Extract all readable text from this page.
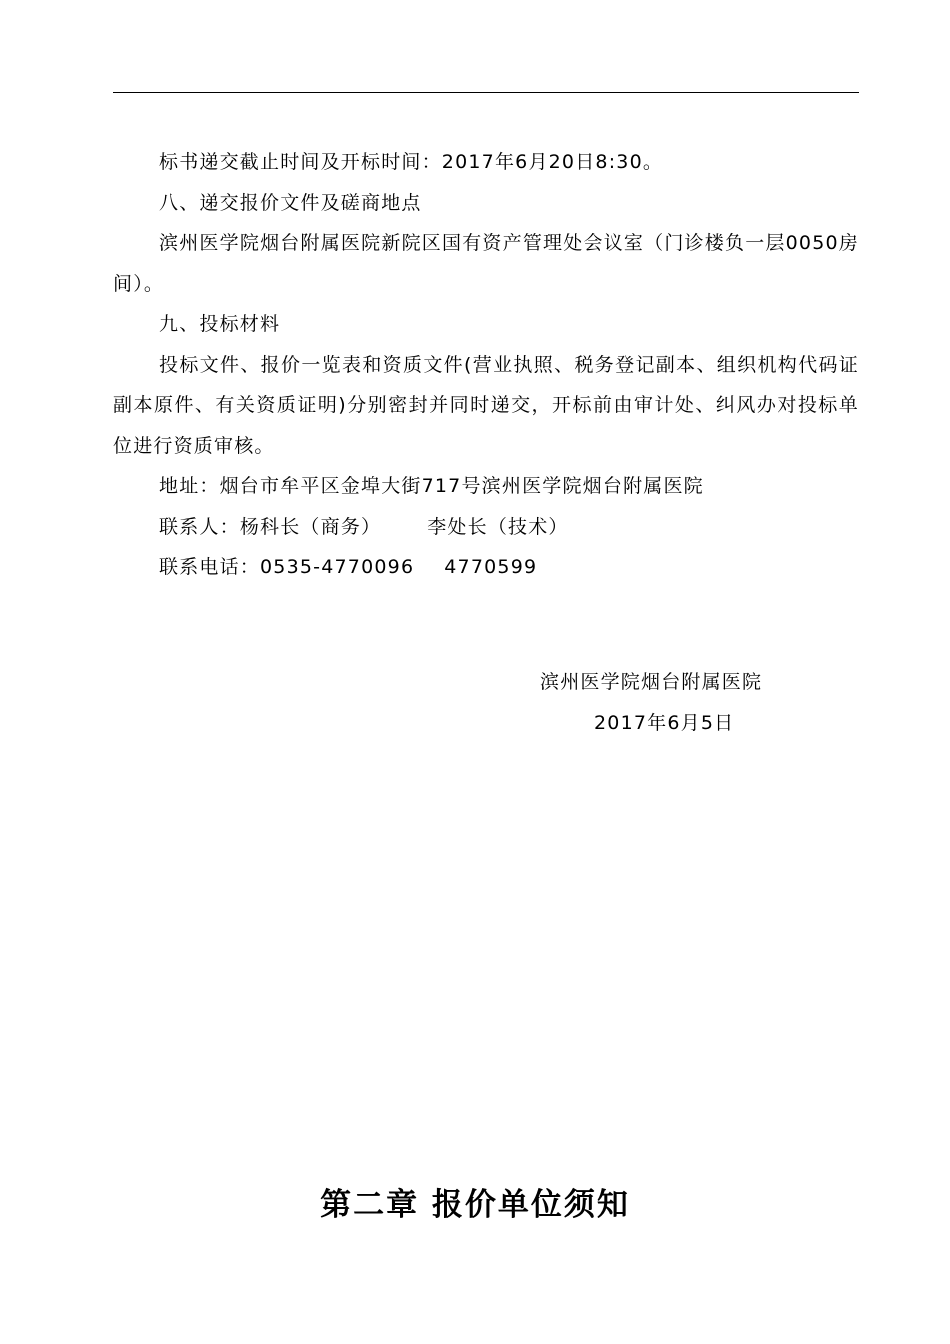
标书递交截止时间及开标时间：2017年6月20日8:30。

八、递交报价文件及磋商地点

滨州医学院烟台附属医院新院区国有资产管理处会议室（门诊楼负一层0050房间）。

九、投标材料

投标文件、报价一览表和资质文件(营业执照、税务登记副本、组织机构代码证副本原件、有关资质证明)分别密封并同时递交，开标前由审计处、纠风办对投标单位进行资质审核。

地址：烟台市牟平区金埠大街717号滨州医学院烟台附属医院

联系人：杨科长（商务） 李处长（技术）

联系电话：0535-4770096 4770599

滨州医学院烟台附属医院
2017年6月5日
第二章 报价单位须知
